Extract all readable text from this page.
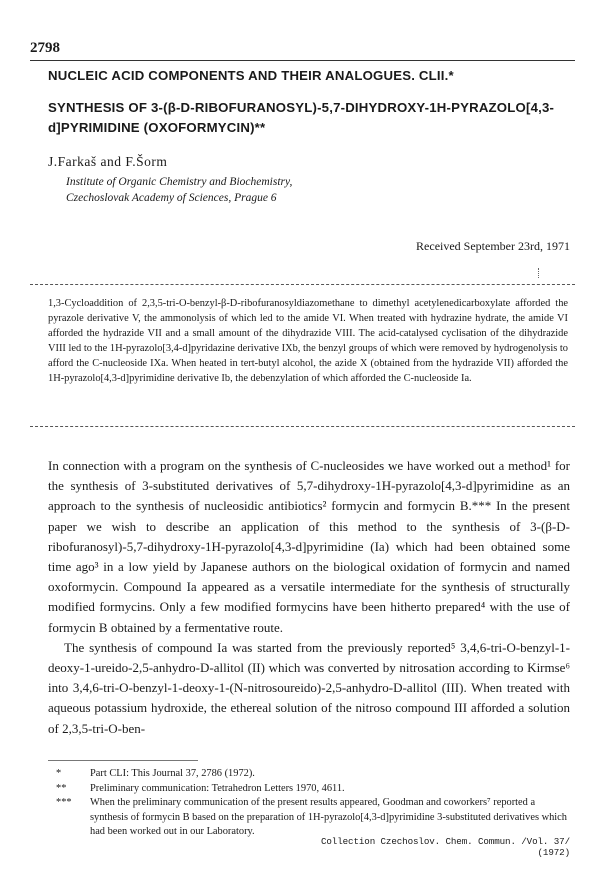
2798
NUCLEIC ACID COMPONENTS AND THEIR ANALOGUES. CLII.*
SYNTHESIS OF 3-(β-D-RIBOFURANOSYL)-5,7-DIHYDROXY-1H-PYRAZOLO[4,3-d]PYRIMIDINE (OXOFORMYCIN)**
J.Farkaš and F.Šorm
Institute of Organic Chemistry and Biochemistry,
Czechoslovak Academy of Sciences, Prague 6
Received September 23rd, 1971

1,3-Cycloaddition of 2,3,5-tri-O-benzyl-β-D-ribofuranosyldiazomethane to dimethyl acetylenedicarboxylate afforded the pyrazole derivative V, the ammonolysis of which led to the amide VI. When treated with hydrazine hydrate, the amide VI afforded the hydrazide VII and a small amount of the dihydrazide VIII. The acid-catalysed cyclisation of the dihydrazide VIII led to the 1H-pyrazolo[3,4-d]pyridazine derivative IXb, the benzyl groups of which were removed by hydrogenolysis to afford the C-nucleoside IXa. When heated in tert-butyl alcohol, the azide X (obtained from the hydrazide VII) afforded the 1H-pyrazolo[4,3-d]pyrimidine derivative Ib, the debenzylation of which afforded the C-nucleoside Ia.

In connection with a program on the synthesis of C-nucleosides we have worked out a method¹ for the synthesis of 3-substituted derivatives of 5,7-dihydroxy-1H-pyrazolo[4,3-d]pyrimidine as an approach to the synthesis of nucleosidic antibiotics² formycin and formycin B.*** In the present paper we wish to describe an application of this method to the synthesis of 3-(β-D-ribofuranosyl)-5,7-dihydroxy-1H-pyrazolo[4,3-d]pyrimidine (Ia) which had been obtained some time ago³ in a low yield by Japanese authors on the biological oxidation of formycin and named oxoformycin. Compound Ia appeared as a versatile intermediate for the synthesis of structurally modified formycins. Only a few modified formycins have been hitherto prepared⁴ with the use of formycin B obtained by a fermentative route.

The synthesis of compound Ia was started from the previously reported⁵ 3,4,6-tri-O-benzyl-1-deoxy-1-ureido-2,5-anhydro-D-allitol (II) which was converted by nitrosation according to Kirmse⁶ into 3,4,6-tri-O-benzyl-1-deoxy-1-(N-nitrosoureido)-2,5-anhydro-D-allitol (III). When treated with aqueous potassium hydroxide, the ethereal solution of the nitroso compound III afforded a solution of 2,3,5-tri-O-ben-

*	Part CLI: This Journal 37, 2786 (1972).
**	Preliminary communication: Tetrahedron Letters 1970, 4611.
***	When the preliminary communication of the present results appeared, Goodman and coworkers⁷ reported a synthesis of formycin B based on the preparation of 1H-pyrazolo[4,3-d]pyrimidine 3-substituted derivatives which had been worked out in our Laboratory.
Collection Czechoslov. Chem. Commun. /Vol. 37/ (1972)
